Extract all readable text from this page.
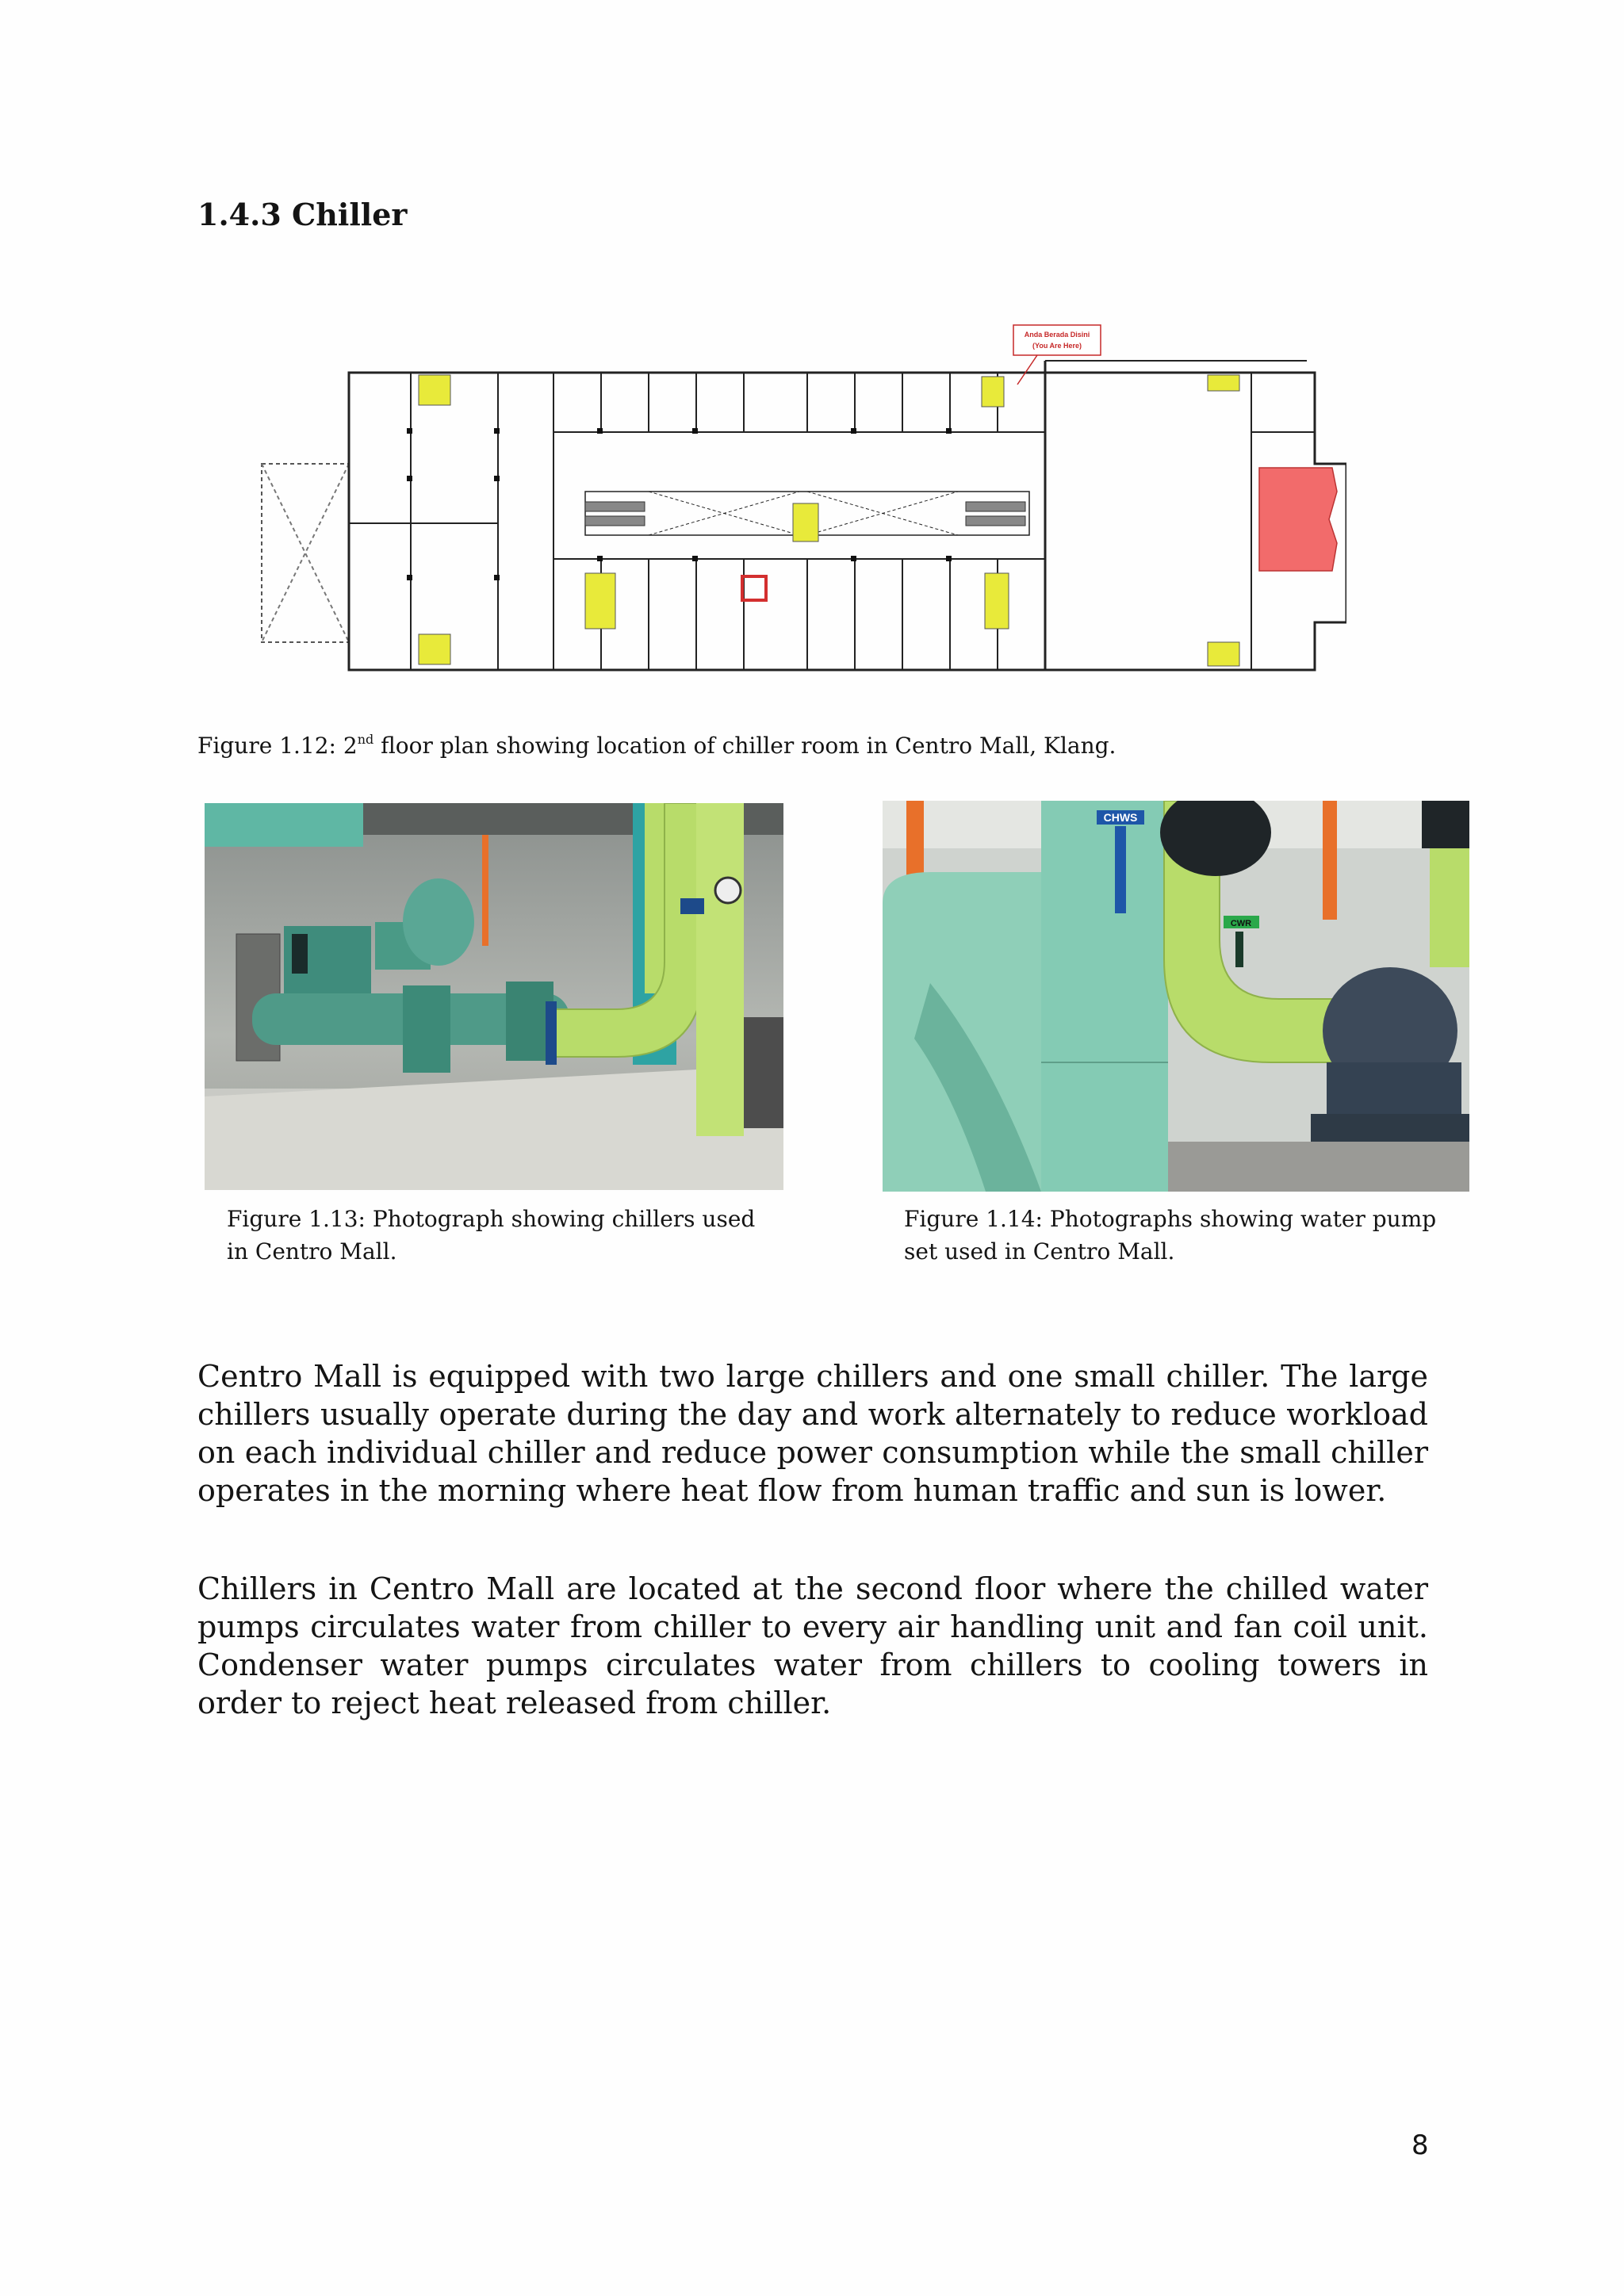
1.4.3 Chiller
Anda Berada Disini
(You Are Here)
Figure 1.12: 2nd floor plan showing location of chiller room in Centro Mall, Klang.
CHWS
CWR
Figure 1.13: Photograph showing chillers used in Centro Mall.
Figure 1.14: Photographs showing water pump set used in Centro Mall.

Centro Mall is equipped with two large chillers and one small chiller. The large chillers usually operate during the day and work alternately to reduce workload on each individual chiller and reduce power consumption while the small chiller operates in the morning where heat flow from human traffic and sun is lower.

Chillers in Centro Mall are located at the second floor where the chilled water pumps circulates water from chiller to every air handling unit and fan coil unit. Condenser water pumps circulates water from chillers to cooling towers in order to reject heat released from chiller.

8
